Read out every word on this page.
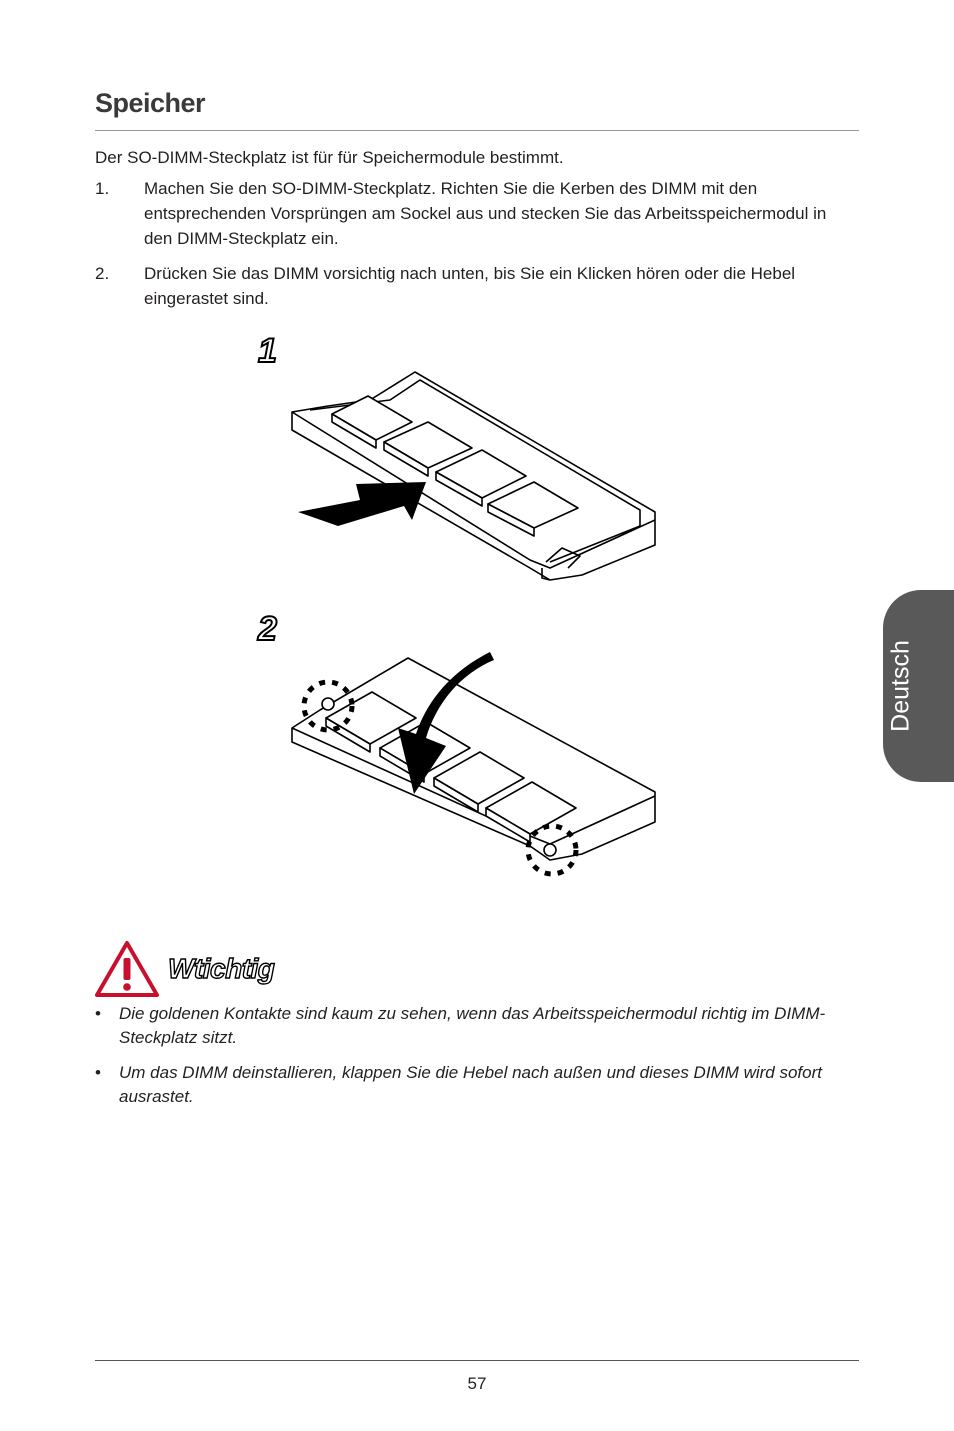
Speicher

Der SO-DIMM-Steckplatz ist für für Speichermodule bestimmt.

1. Machen Sie den SO-DIMM-Steckplatz. Richten Sie die Kerben des DIMM mit den entsprechenden Vorsprüngen am Sockel aus und stecken Sie das Arbeitsspeichermodul in den DIMM-Steckplatz ein.
2. Drücken Sie das DIMM vorsichtig nach unten, bis Sie ein Klicken hören oder die Hebel eingerastet sind.
1
2
Deutsch
Wtichtig
• Die goldenen Kontakte sind kaum zu sehen, wenn das Arbeitsspeichermodul richtig im DIMM-Steckplatz sitzt.
• Um das DIMM deinstallieren, klappen Sie die Hebel nach außen und dieses DIMM wird sofort ausrastet.
57
